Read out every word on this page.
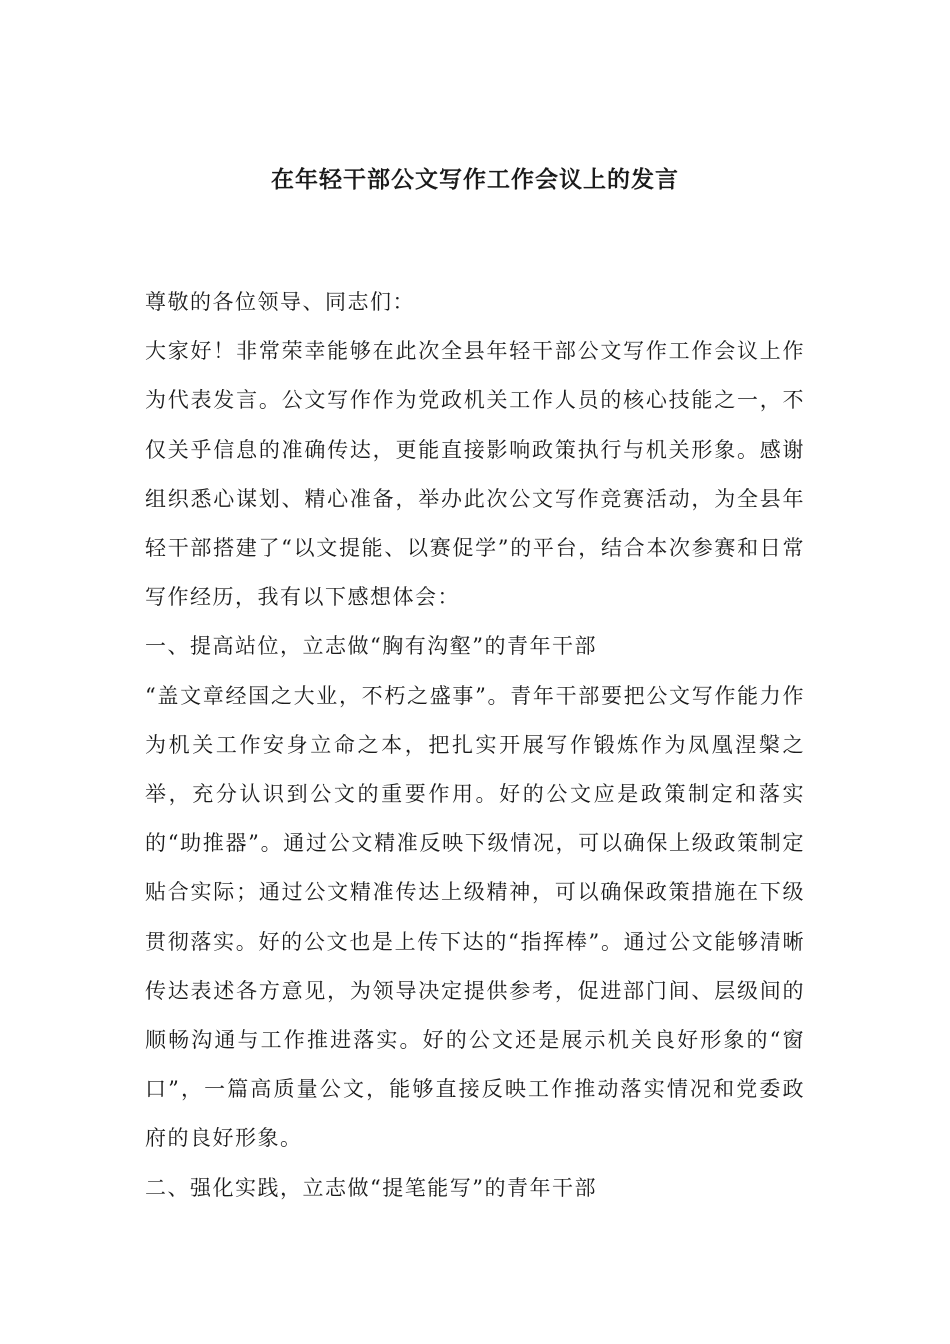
在年轻干部公文写作工作会议上的发言

尊敬的各位领导、同志们：

大家好！非常荣幸能够在此次全县年轻干部公文写作工作会议上作为代表发言。公文写作作为党政机关工作人员的核心技能之一，不仅关乎信息的准确传达，更能直接影响政策执行与机关形象。感谢组织悉心谋划、精心准备，举办此次公文写作竞赛活动，为全县年轻干部搭建了“以文提能、以赛促学”的平台，结合本次参赛和日常写作经历，我有以下感想体会：

一、提高站位，立志做“胸有沟壑”的青年干部

“盖文章经国之大业，不朽之盛事”。青年干部要把公文写作能力作为机关工作安身立命之本，把扎实开展写作锻炼作为凤凰涅槃之举，充分认识到公文的重要作用。好的公文应是政策制定和落实的“助推器”。通过公文精准反映下级情况，可以确保上级政策制定贴合实际；通过公文精准传达上级精神，可以确保政策措施在下级贯彻落实。好的公文也是上传下达的“指挥棒”。通过公文能够清晰传达表述各方意见，为领导决定提供参考，促进部门间、层级间的顺畅沟通与工作推进落实。好的公文还是展示机关良好形象的“窗口”，一篇高质量公文，能够直接反映工作推动落实情况和党委政府的良好形象。

二、强化实践，立志做“提笔能写”的青年干部
